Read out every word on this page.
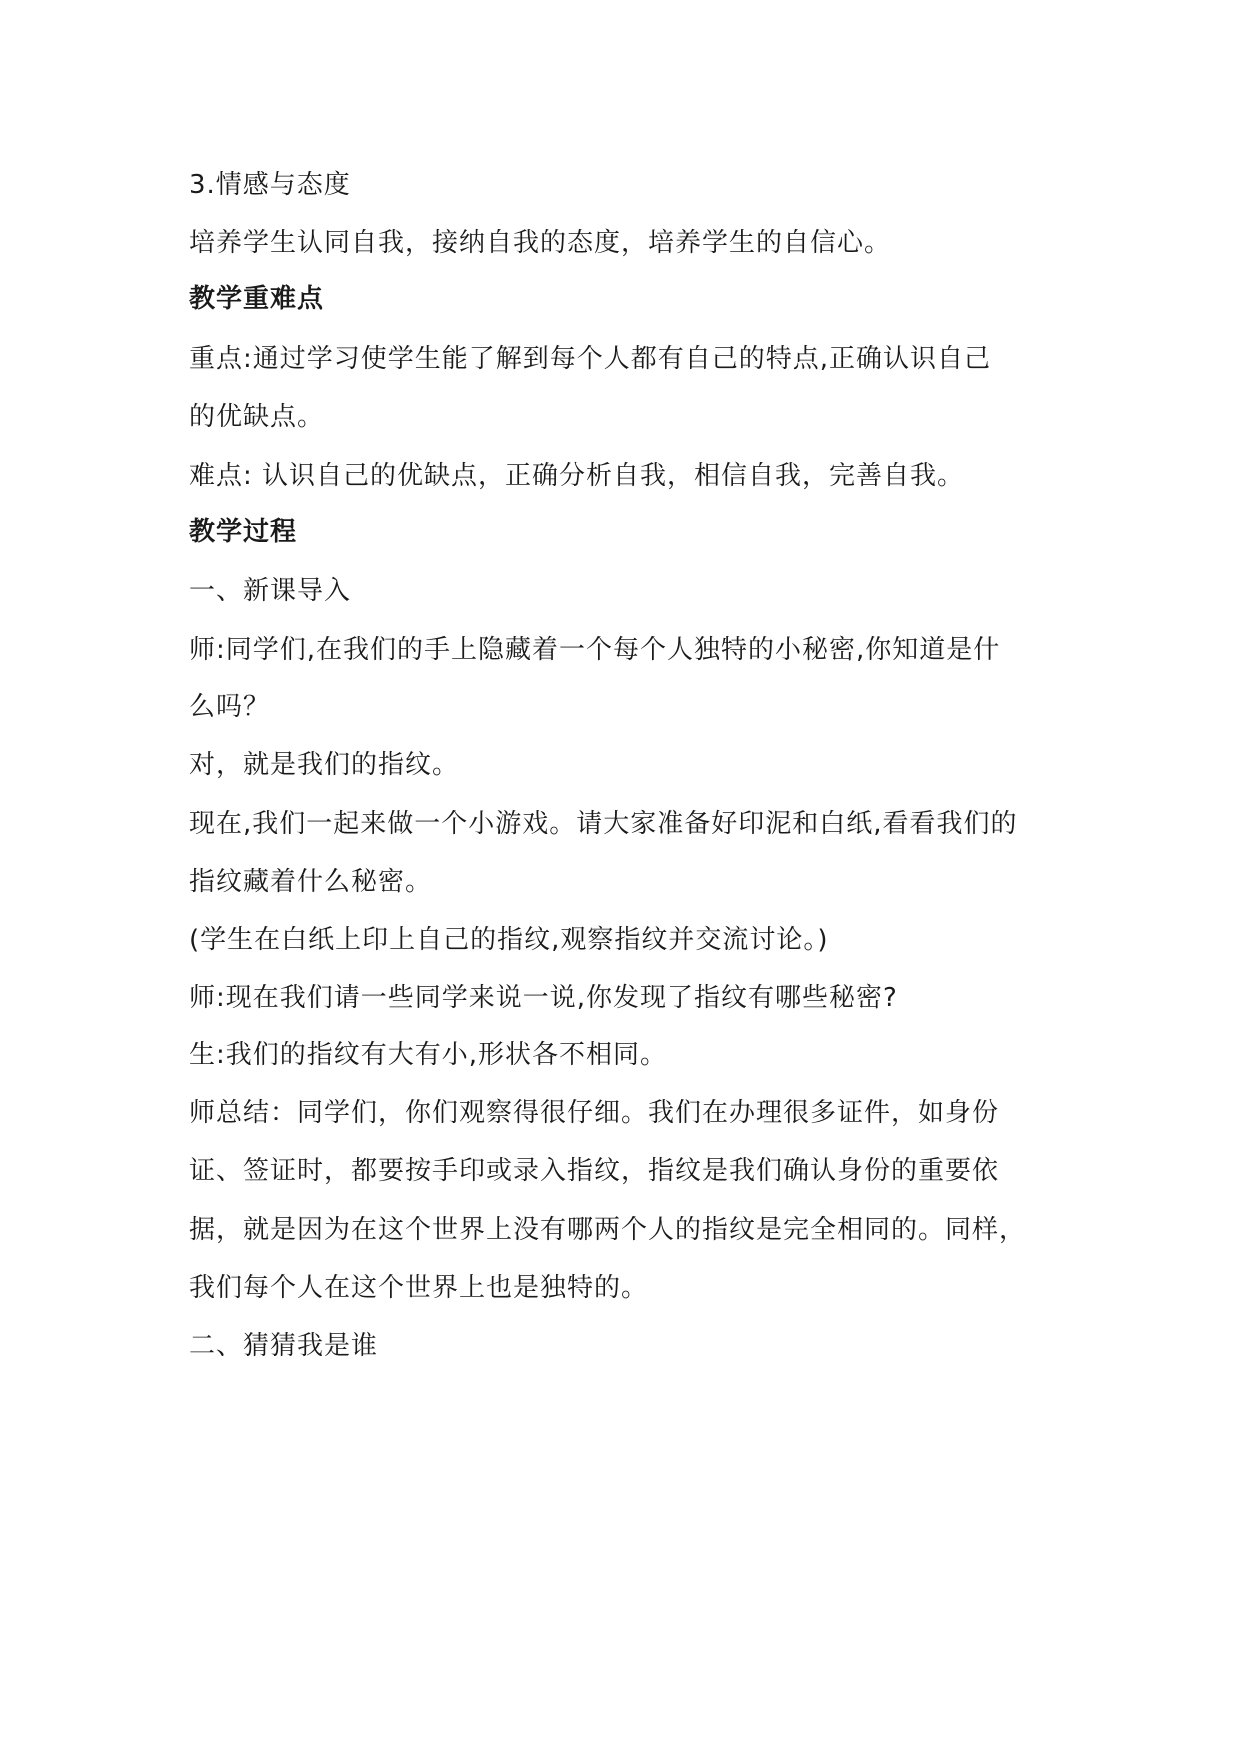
3.情感与态度
培养学生认同自我，接纳自我的态度，培养学生的自信心。
教学重难点
重点:通过学习使学生能了解到每个人都有自己的特点,正确认识自己
的优缺点。
难点: 认识自己的优缺点，正确分析自我，相信自我，完善自我。
教学过程
一、新课导入
师:同学们,在我们的手上隐藏着一个每个人独特的小秘密,你知道是什
么吗？
对，就是我们的指纹。
现在,我们一起来做一个小游戏。请大家准备好印泥和白纸,看看我们的
指纹藏着什么秘密。
(学生在白纸上印上自己的指纹,观察指纹并交流讨论。)
师:现在我们请一些同学来说一说,你发现了指纹有哪些秘密?
生:我们的指纹有大有小,形状各不相同。
师总结：同学们，你们观察得很仔细。我们在办理很多证件，如身份
证、签证时，都要按手印或录入指纹，指纹是我们确认身份的重要依
据，就是因为在这个世界上没有哪两个人的指纹是完全相同的。同样，
我们每个人在这个世界上也是独特的。
二、猜猜我是谁
